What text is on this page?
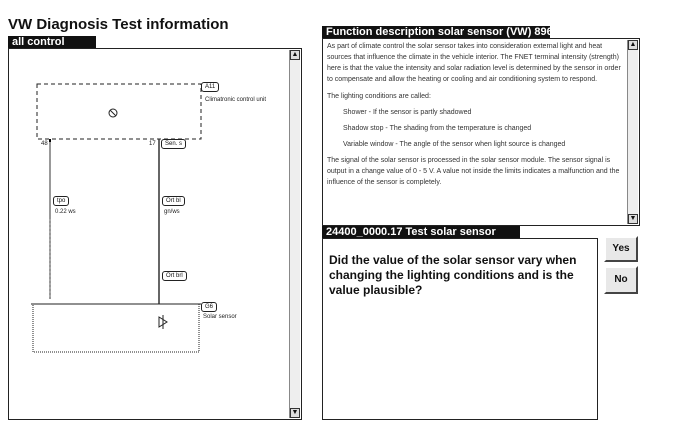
VW Diagnosis Test information
all control
A11
Climatronic control unit
48	17	Sen. s
tpo
0.22 ws
Ort bl
gn/ws
Ort brl
G6
Solar sensor
▲
▼
Function description solar sensor (VW) 896
As part of climate control the solar sensor takes into consideration external light and heat sources that influence the climate in the vehicle interior. The FNET terminal intensity (strength) here is that the value the intensity and solar radiation level is determined by the sensor in order to compensate and allow the heating or cooling and air conditioning system to respond.
The lighting conditions are called:
Shower - If the sensor is partly shadowed
Shadow stop - The shading from the temperature is changed
Variable window - The angle of the sensor when light source is changed
The signal of the solar sensor is processed in the solar sensor module. The sensor signal is output in a change value of 0 - 5 V. A value not inside the limits indicates a malfunction and the influence of the sensor is completely.
▲
▼
24400_0000.17 Test solar sensor
Did the value of the solar sensor vary when changing the lighting conditions and is the value plausible?
Yes
No
